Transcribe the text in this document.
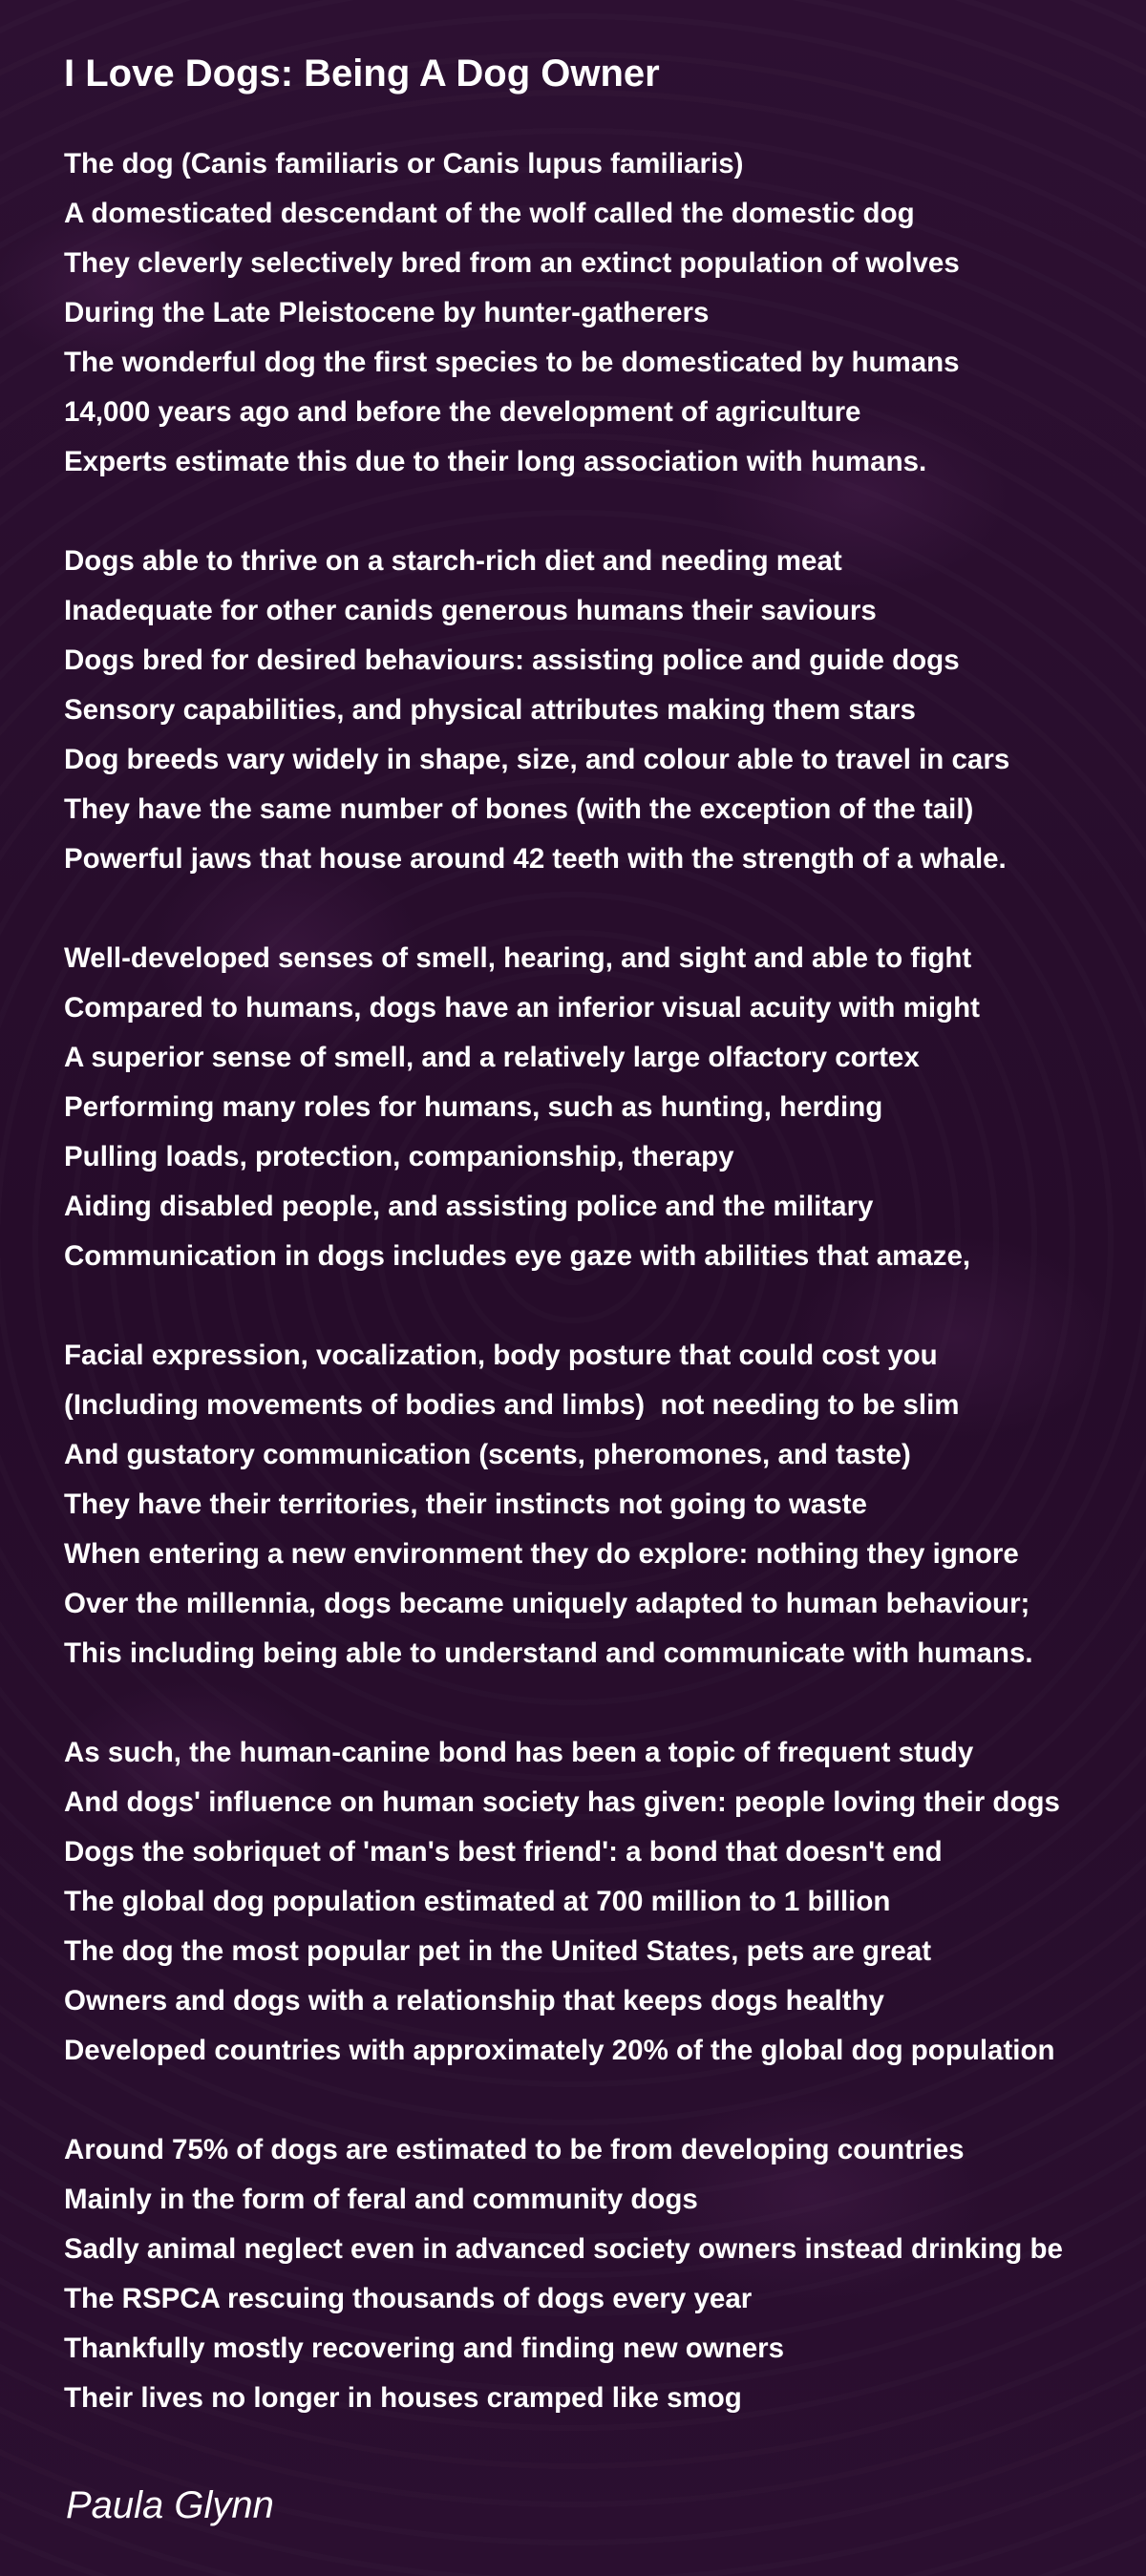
I Love Dogs: Being A Dog Owner
The dog (Canis familiaris or Canis lupus familiaris)
A domesticated descendant of the wolf called the domestic dog
They cleverly selectively bred from an extinct population of wolves
During the Late Pleistocene by hunter-gatherers
The wonderful dog the first species to be domesticated by humans
14,000 years ago and before the development of agriculture
Experts estimate this due to their long association with humans.
Dogs able to thrive on a starch-rich diet and needing meat
Inadequate for other canids generous humans their saviours
Dogs bred for desired behaviours: assisting police and guide dogs
Sensory capabilities, and physical attributes making them stars
Dog breeds vary widely in shape, size, and colour able to travel in cars
They have the same number of bones (with the exception of the tail)
Powerful jaws that house around 42 teeth with the strength of a whale.
Well-developed senses of smell, hearing, and sight and able to fight
Compared to humans, dogs have an inferior visual acuity with might
A superior sense of smell, and a relatively large olfactory cortex
Performing many roles for humans, such as hunting, herding
Pulling loads, protection, companionship, therapy
Aiding disabled people, and assisting police and the military
Communication in dogs includes eye gaze with abilities that amaze,
Facial expression, vocalization, body posture that could cost you
(Including movements of bodies and limbs)  not needing to be slim
And gustatory communication (scents, pheromones, and taste)
They have their territories, their instincts not going to waste
When entering a new environment they do explore: nothing they ignore
Over the millennia, dogs became uniquely adapted to human behaviour;
This including being able to understand and communicate with humans.
As such, the human-canine bond has been a topic of frequent study
And dogs' influence on human society has given: people loving their dogs
Dogs the sobriquet of 'man's best friend': a bond that doesn't end
The global dog population estimated at 700 million to 1 billion
The dog the most popular pet in the United States, pets are great
Owners and dogs with a relationship that keeps dogs healthy
Developed countries with approximately 20% of the global dog population
Around 75% of dogs are estimated to be from developing countries
Mainly in the form of feral and community dogs
Sadly animal neglect even in advanced society owners instead drinking be
The RSPCA rescuing thousands of dogs every year
Thankfully mostly recovering and finding new owners
Their lives no longer in houses cramped like smog
Paula Glynn
